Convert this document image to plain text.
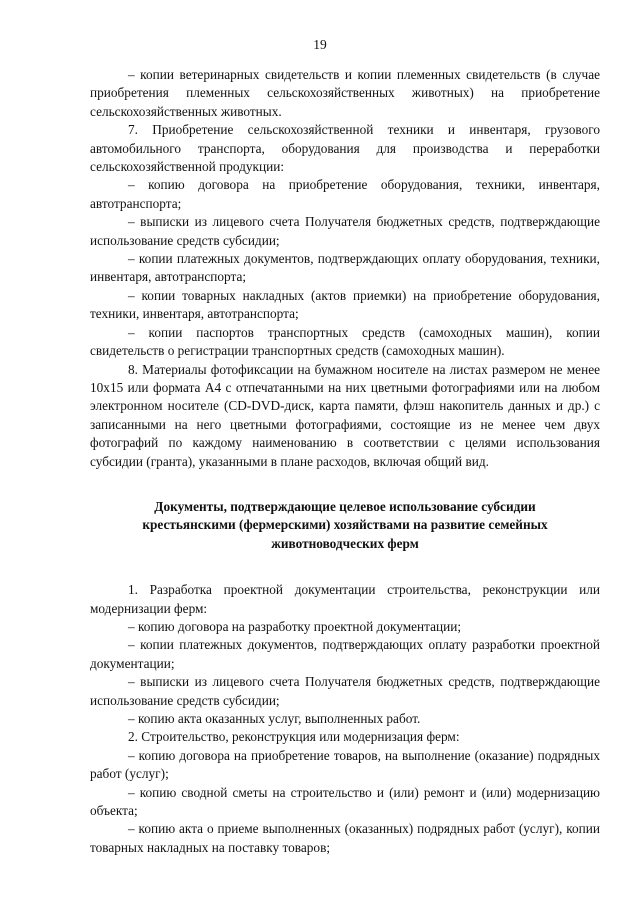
19

– копии ветеринарных свидетельств и копии племенных свидетельств (в случае приобретения племенных сельскохозяйственных животных) на приобретение сельскохозяйственных животных.

7. Приобретение сельскохозяйственной техники и инвентаря, грузового автомобильного транспорта, оборудования для производства и переработки сельскохозяйственной продукции:

– копию договора на приобретение оборудования, техники, инвентаря, автотранспорта;

– выписки из лицевого счета Получателя бюджетных средств, подтверждающие использование средств субсидии;

– копии платежных документов, подтверждающих оплату оборудования, техники, инвентаря, автотранспорта;

– копии товарных накладных (актов приемки) на приобретение оборудования, техники, инвентаря, автотранспорта;

– копии паспортов транспортных средств (самоходных машин), копии свидетельств о регистрации транспортных средств (самоходных машин).

8. Материалы фотофиксации на бумажном носителе на листах размером не менее 10х15 или формата А4 с отпечатанными на них цветными фотографиями или на любом электронном носителе (CD-DVD-диск, карта памяти, флэш накопитель данных и др.) с записанными на него цветными фотографиями, состоящие из не менее чем двух фотографий по каждому наименованию в соответствии с целями использования субсидии (гранта), указанными в плане расходов, включая общий вид.

Документы, подтверждающие целевое использование субсидии крестьянскими (фермерскими) хозяйствами на развитие семейных животноводческих ферм

1. Разработка проектной документации строительства, реконструкции или модернизации ферм:

– копию договора на разработку проектной документации;

– копии платежных документов, подтверждающих оплату разработки проектной документации;

– выписки из лицевого счета Получателя бюджетных средств, подтверждающие использование средств субсидии;

– копию акта оказанных услуг, выполненных работ.

2. Строительство, реконструкция или модернизация ферм:

– копию договора на приобретение товаров, на выполнение (оказание) подрядных работ (услуг);

– копию сводной сметы на строительство и (или) ремонт и (или) модернизацию объекта;

– копию акта о приеме выполненных (оказанных) подрядных работ (услуг), копии товарных накладных на поставку товаров;
